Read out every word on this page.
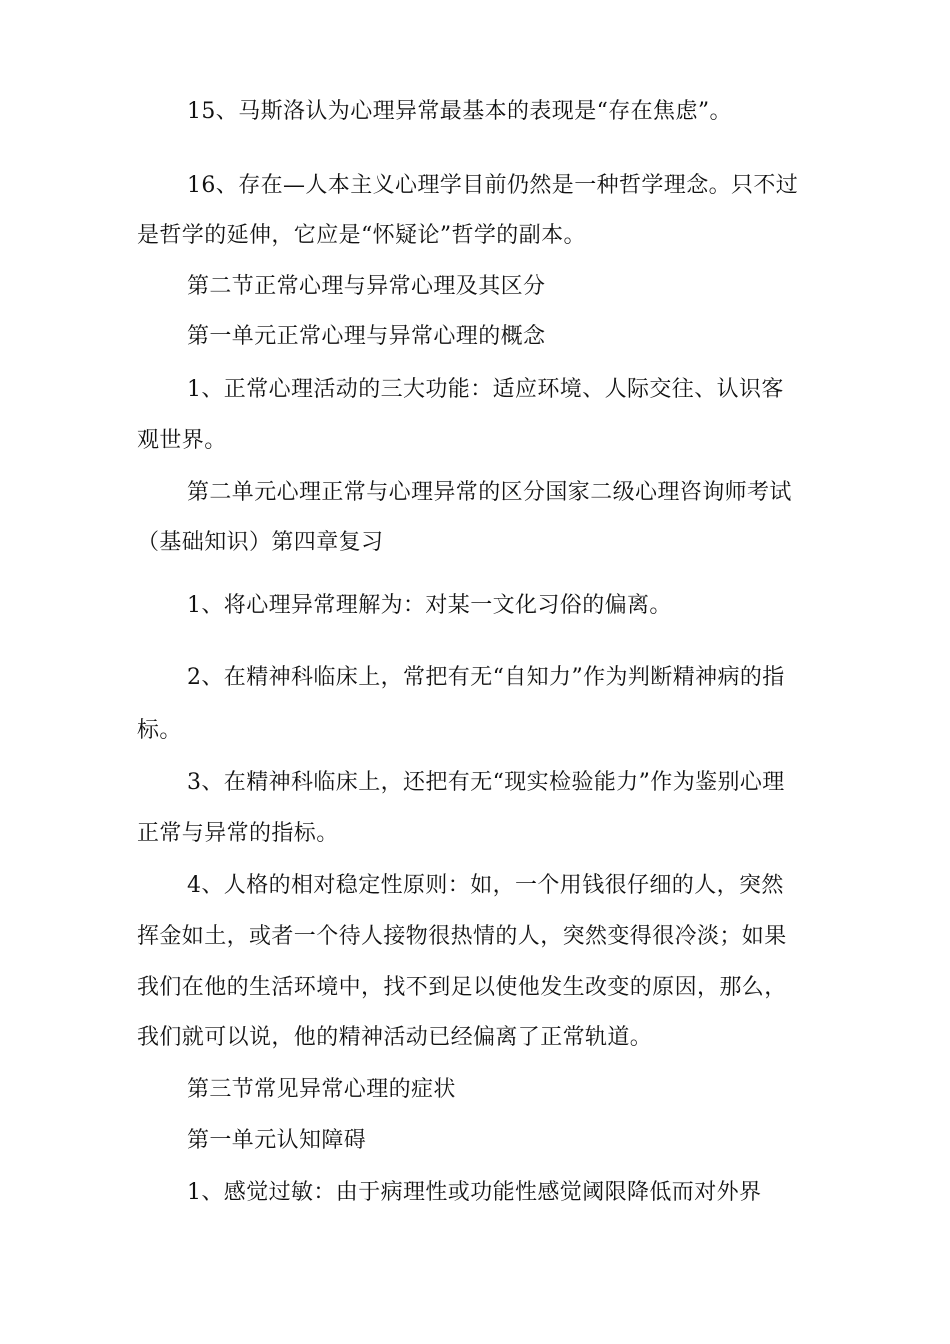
15、马斯洛认为心理异常最基本的表现是“存在焦虑”。
16、存在—人本主义心理学目前仍然是一种哲学理念。只不过
是哲学的延伸，它应是“怀疑论”哲学的副本。
第二节正常心理与异常心理及其区分
第一单元正常心理与异常心理的概念
1、正常心理活动的三大功能：适应环境、人际交往、认识客
观世界。
第二单元心理正常与心理异常的区分国家二级心理咨询师考试
（基础知识）第四章复习
1、将心理异常理解为：对某一文化习俗的偏离。
2、在精神科临床上，常把有无“自知力”作为判断精神病的指
标。
3、在精神科临床上，还把有无“现实检验能力”作为鉴别心理
正常与异常的指标。
4、人格的相对稳定性原则：如，一个用钱很仔细的人，突然
挥金如土，或者一个待人接物很热情的人，突然变得很冷淡；如果
我们在他的生活环境中，找不到足以使他发生改变的原因，那么，
我们就可以说，他的精神活动已经偏离了正常轨道。
第三节常见异常心理的症状
第一单元认知障碍
1、感觉过敏：由于病理性或功能性感觉阈限降低而对外界
